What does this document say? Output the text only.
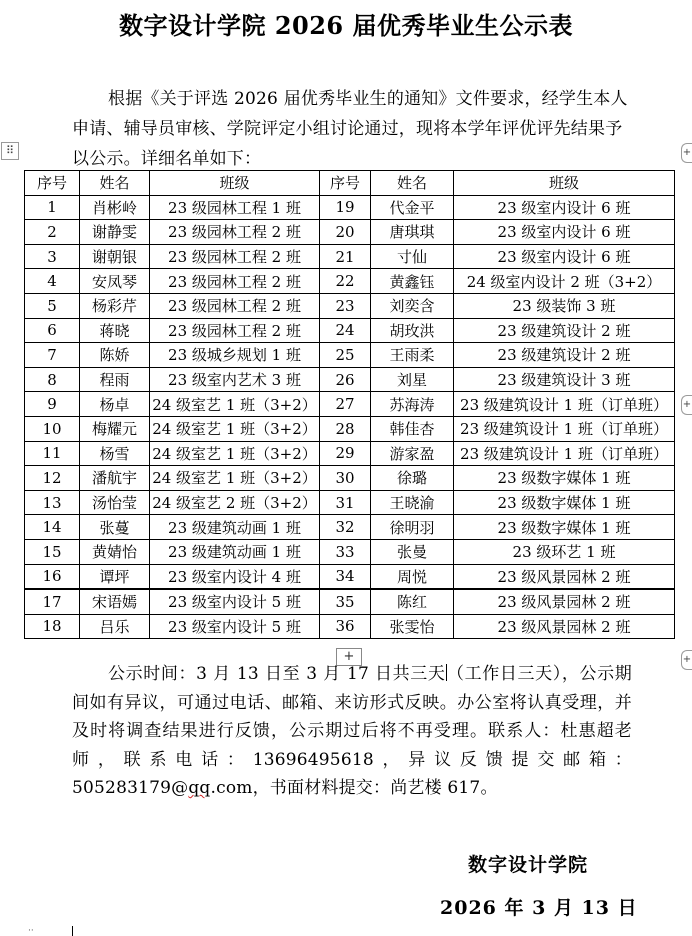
数字设计学院 2026 届优秀毕业生公示表
根据《关于评选 2026 届优秀毕业生的通知》文件要求，经学生本人申请、辅导员审核、学院评定小组讨论通过，现将本学年评优评先结果予以公示。详细名单如下：
⠿	+
+
+
序号	姓名	班级	序号	姓名	班级
1	肖彬岭	23 级园林工程 1 班	19	代金平	23 级室内设计 6 班
2	谢静雯	23 级园林工程 2 班	20	唐琪琪	23 级室内设计 6 班
3	谢朝银	23 级园林工程 2 班	21	寸仙	23 级室内设计 6 班
4	安凤琴	23 级园林工程 2 班	22	黄鑫钰	24 级室内设计 2 班（3+2）
5	杨彩芹	23 级园林工程 2 班	23	刘奕含	23 级装饰 3 班
6	蒋晓	23 级园林工程 2 班	24	胡玫洪	23 级建筑设计 2 班
7	陈娇	23 级城乡规划 1 班	25	王雨柔	23 级建筑设计 2 班
8	程雨	23 级室内艺术 3 班	26	刘星	23 级建筑设计 3 班
9	杨卓	24 级室艺 1 班（3+2）	27	苏海涛	23 级建筑设计 1 班（订单班）
10	梅耀元	24 级室艺 1 班（3+2）	28	韩佳杏	23 级建筑设计 1 班（订单班）
11	杨雪	24 级室艺 1 班（3+2）	29	游家盈	23 级建筑设计 1 班（订单班）
12	潘航宇	24 级室艺 1 班（3+2）	30	徐璐	23 级数字媒体 1 班
13	汤怡莹	24 级室艺 2 班（3+2）	31	王晓渝	23 级数字媒体 1 班
14	张蔓	23 级建筑动画 1 班	32	徐明羽	23 级数字媒体 1 班
15	黄婧怡	23 级建筑动画 1 班	33	张曼	23 级环艺 1 班
16	谭坪	23 级室内设计 4 班	34	周悦	23 级风景园林 2 班
17	宋语嫣	23 级室内设计 5 班	35	陈红	23 级风景园林 2 班
18	吕乐	23 级室内设计 5 班	36	张雯怡	23 级风景园林 2 班
+
公示时间：3 月 13 日至 3 月 17 日共三天（工作日三天），公示期间如有异议，可通过电话、邮箱、来访形式反映。办公室将认真受理，并及时将调查结果进行反馈，公示期过后将不再受理。联系人：杜惠超老师，联系电话：13696495618，异议反馈提交邮箱：505283179@qq.com，书面材料提交：尚艺楼 617。
数字设计学院
2026 年 3 月 13 日
··
